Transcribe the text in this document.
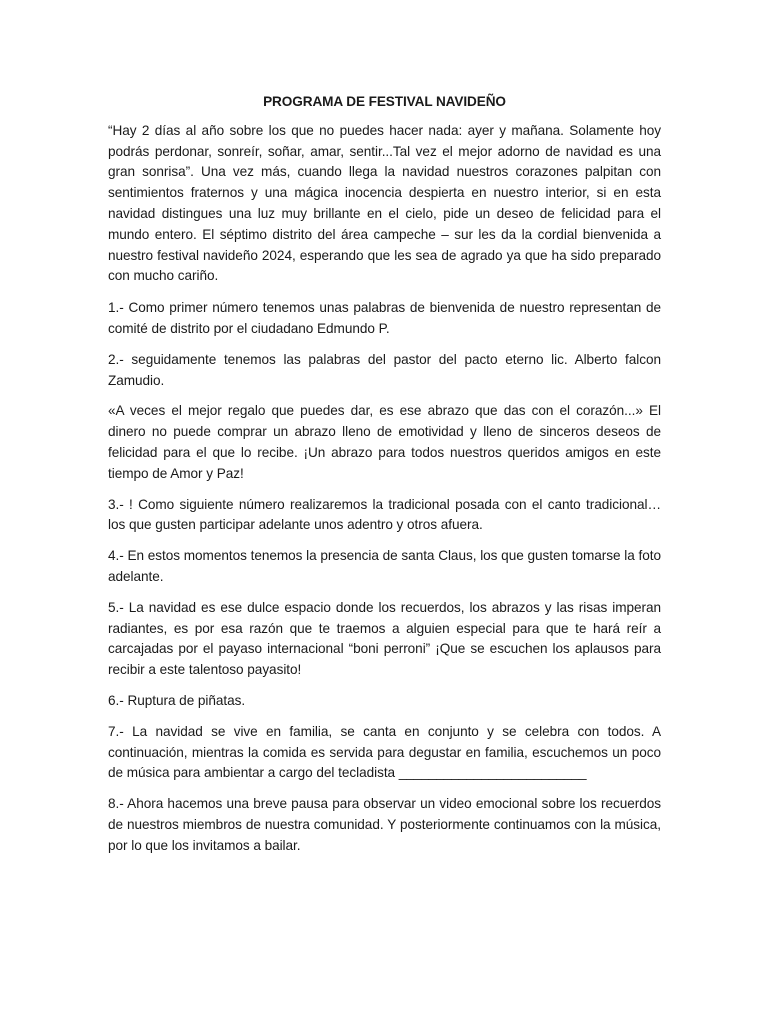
PROGRAMA DE FESTIVAL NAVIDEÑO

“Hay 2 días al año sobre los que no puedes hacer nada: ayer y mañana. Solamente hoy podrás perdonar, sonreír, soñar, amar, sentir...Tal vez el mejor adorno de navidad es una gran sonrisa”. Una vez más, cuando llega la navidad nuestros corazones palpitan con sentimientos fraternos y una mágica inocencia despierta en nuestro interior, si en esta navidad distingues una luz muy brillante en el cielo, pide un deseo de felicidad para el mundo entero. El séptimo distrito del área campeche – sur les da la cordial bienvenida a nuestro festival navideño 2024, esperando que les sea de agrado ya que ha sido preparado con mucho cariño.

1.- Como primer número tenemos unas palabras de bienvenida de nuestro representan de comité de distrito por el ciudadano Edmundo P.

2.- seguidamente tenemos las palabras del pastor del pacto eterno lic. Alberto falcon Zamudio.

«A veces el mejor regalo que puedes dar, es ese abrazo que das con el corazón...» El dinero no puede comprar un abrazo lleno de emotividad y lleno de sinceros deseos de felicidad para el que lo recibe. ¡Un abrazo para todos nuestros queridos amigos en este tiempo de Amor y Paz!

3.- ! Como siguiente número realizaremos la tradicional posada con el canto tradicional… los que gusten participar adelante unos adentro y otros afuera.

4.- En estos momentos tenemos la presencia de santa Claus, los que gusten tomarse la foto adelante.

5.- La navidad es ese dulce espacio donde los recuerdos, los abrazos y las risas imperan radiantes, es por esa razón que te traemos a alguien especial para que te hará reír a carcajadas por el payaso internacional “boni perroni” ¡Que se escuchen los aplausos para recibir a este talentoso payasito!

6.- Ruptura de piñatas.

7.- La navidad se vive en familia, se canta en conjunto y se celebra con todos. A continuación, mientras la comida es servida para degustar en familia, escuchemos un poco de música para ambientar a cargo del tecladista _________________________

8.- Ahora hacemos una breve pausa para observar un video emocional sobre los recuerdos de nuestros miembros de nuestra comunidad. Y posteriormente continuamos con la música, por lo que los invitamos a bailar.
